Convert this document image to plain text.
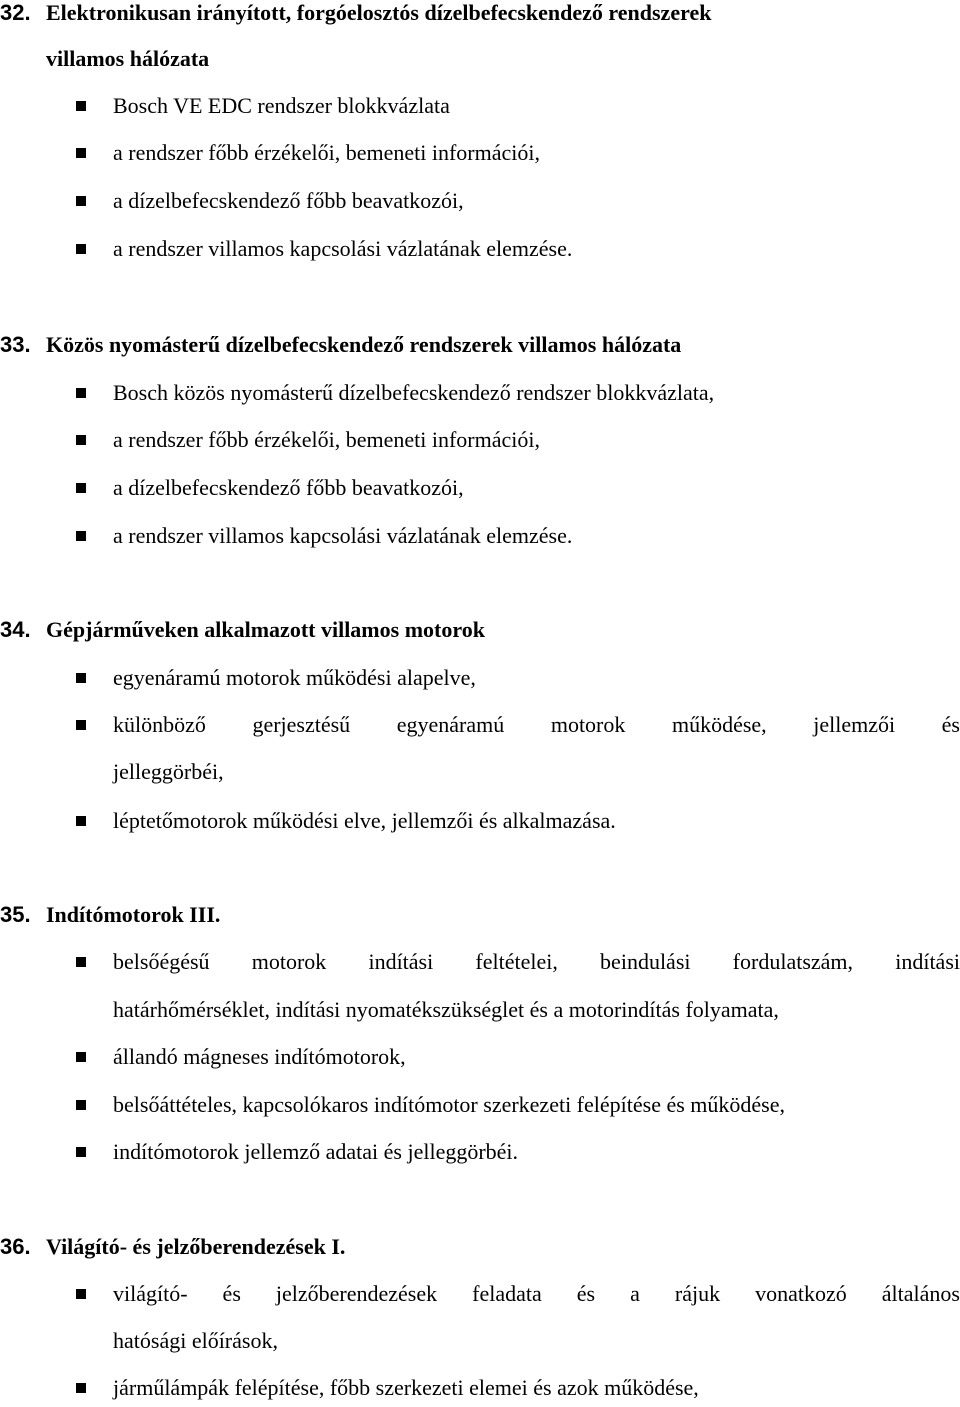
32. Elektronikusan irányított, forgóelosztós dízelbefecskendező rendszerek
villamos hálózata
Bosch VE EDC rendszer blokkvázlata
a rendszer főbb érzékelői, bemeneti információi,
a dízelbefecskendező főbb beavatkozói,
a rendszer villamos kapcsolási vázlatának elemzése.
33. Közös nyomásterű dízelbefecskendező rendszerek villamos hálózata
Bosch közös nyomásterű dízelbefecskendező rendszer blokkvázlata,
a rendszer főbb érzékelői, bemeneti információi,
a dízelbefecskendező főbb beavatkozói,
a rendszer villamos kapcsolási vázlatának elemzése.
34. Gépjárműveken alkalmazott villamos motorok
egyenáramú motorok működési alapelve,
különböző gerjesztésű egyenáramú motorok működése, jellemzői és
jelleggörbéi,
léptetőmotorok működési elve, jellemzői és alkalmazása.
35. Indítómotorok III.
belsőégésű motorok indítási feltételei, beindulási fordulatszám, indítási
határhőmérséklet, indítási nyomatékszükséglet és a motorindítás folyamata,
állandó mágneses indítómotorok,
belsőáttételes, kapcsolókaros indítómotor szerkezeti felépítése és működése,
indítómotorok jellemző adatai és jelleggörbéi.
36. Világító- és jelzőberendezések I.
világító- és jelzőberendezések feladata és a rájuk vonatkozó általános
hatósági előírások,
járműlámpák felépítése, főbb szerkezeti elemei és azok működése,
